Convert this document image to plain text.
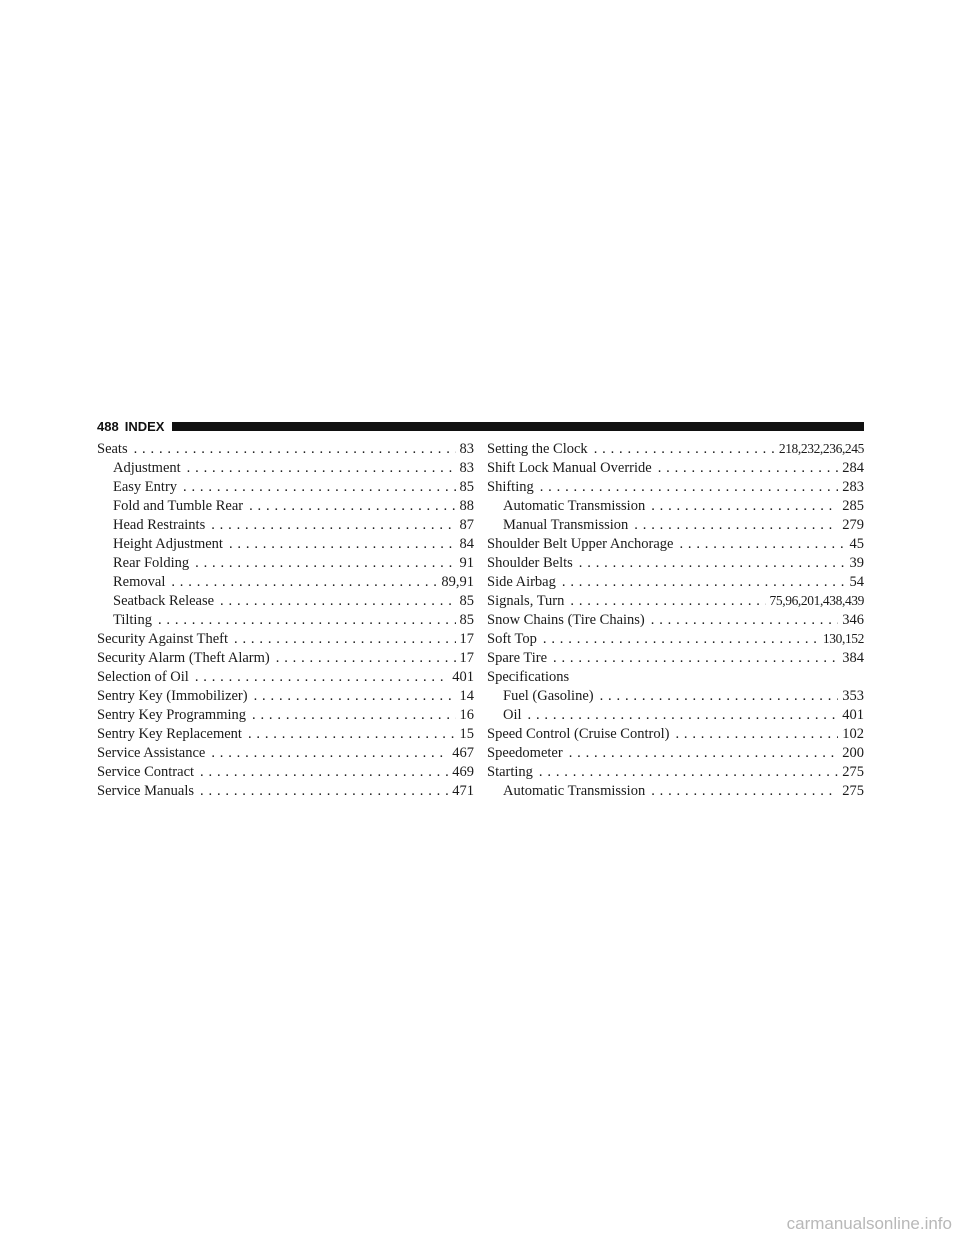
488 INDEX
Seats . . .	83
Adjustment . . .	83
Easy Entry . . .	85
Fold and Tumble Rear . . .	88
Head Restraints . . .	87
Height Adjustment . . .	84
Rear Folding . . .	91
Removal . . .	89,91
Seatback Release . . .	85
Tilting . . .	85
Security Against Theft . . .	17
Security Alarm (Theft Alarm) . . .	17
Selection of Oil . . .	401
Sentry Key (Immobilizer) . . .	14
Sentry Key Programming . . .	16
Sentry Key Replacement . . .	15
Service Assistance . . .	467
Service Contract . . .	469
Service Manuals . . .	471
Setting the Clock . . .	218,232,236,245
Shift Lock Manual Override . . .	284
Shifting . . .	283
Automatic Transmission . . .	285
Manual Transmission . . .	279
Shoulder Belt Upper Anchorage . . .	45
Shoulder Belts . . .	39
Side Airbag . . .	54
Signals, Turn . . .	75,96,201,438,439
Snow Chains (Tire Chains) . . .	346
Soft Top . . .	130,152
Spare Tire . . .	384
Specifications
Fuel (Gasoline) . . .	353
Oil . . .	401
Speed Control (Cruise Control) . . .	102
Speedometer . . .	200
Starting . . .	275
Automatic Transmission . . .	275
carmanualsonline.info
